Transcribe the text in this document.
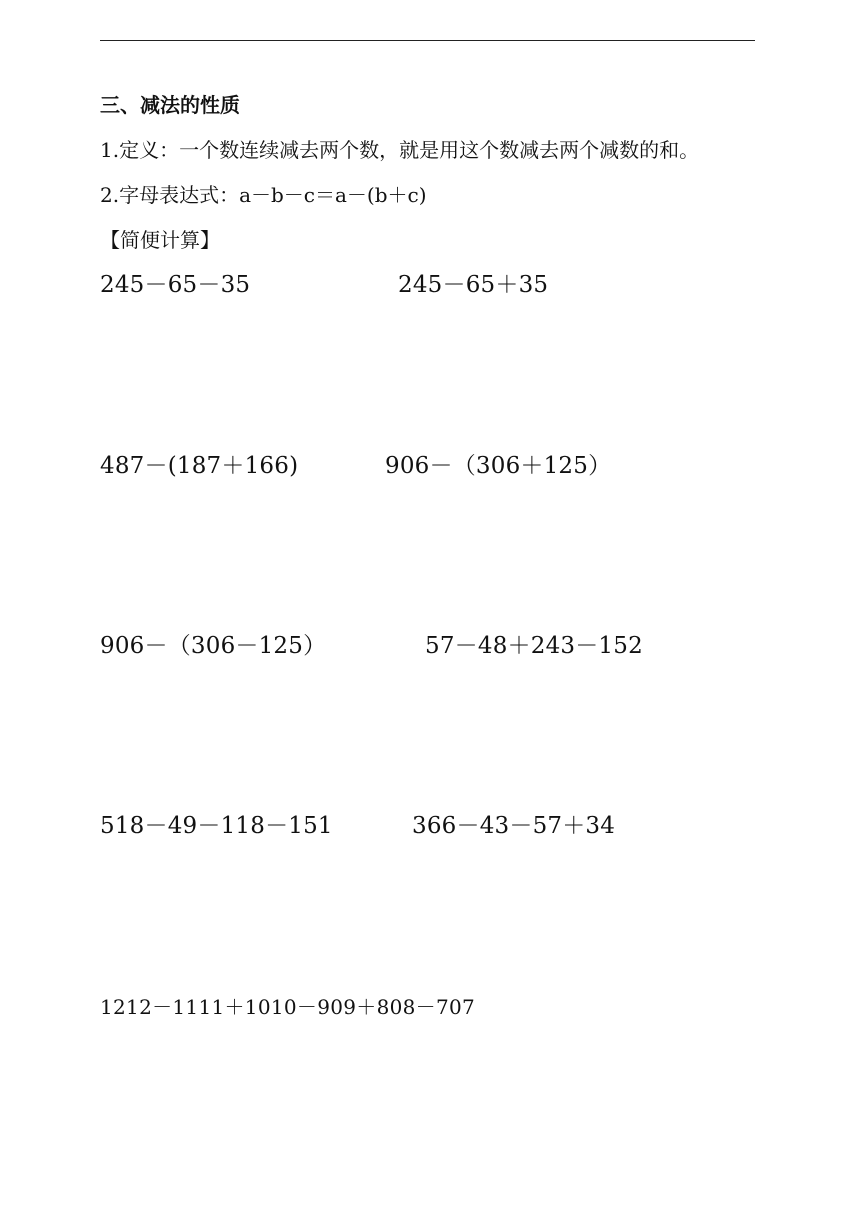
三、减法的性质
1.定义：一个数连续减去两个数，就是用这个数减去两个减数的和。
2.字母表达式：a－b－c＝a－(b＋c)
【简便计算】
245－65－35	245－65＋35
487－(187＋166)	906－（306＋125）
906－（306－125）	57－48＋243－152
518－49－118－151	366－43－57＋34
1212－1111＋1010－909＋808－707
